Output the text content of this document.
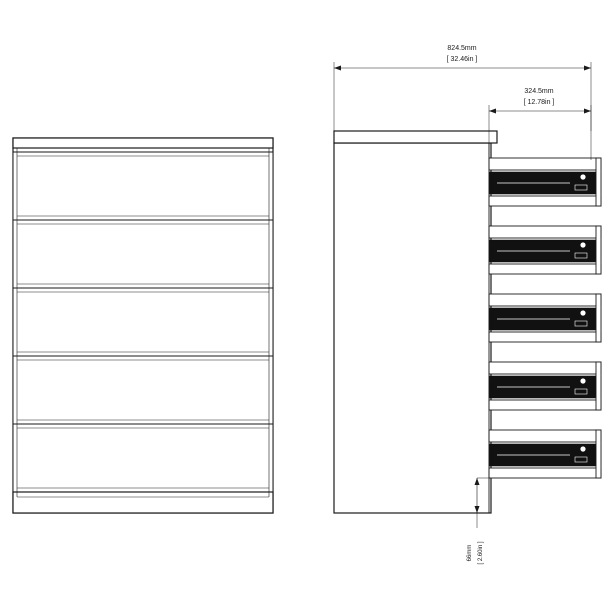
824.5mm
[ 32.46in ]
324.5mm
[ 12.78in ]
66mm [ 2.60in ]
